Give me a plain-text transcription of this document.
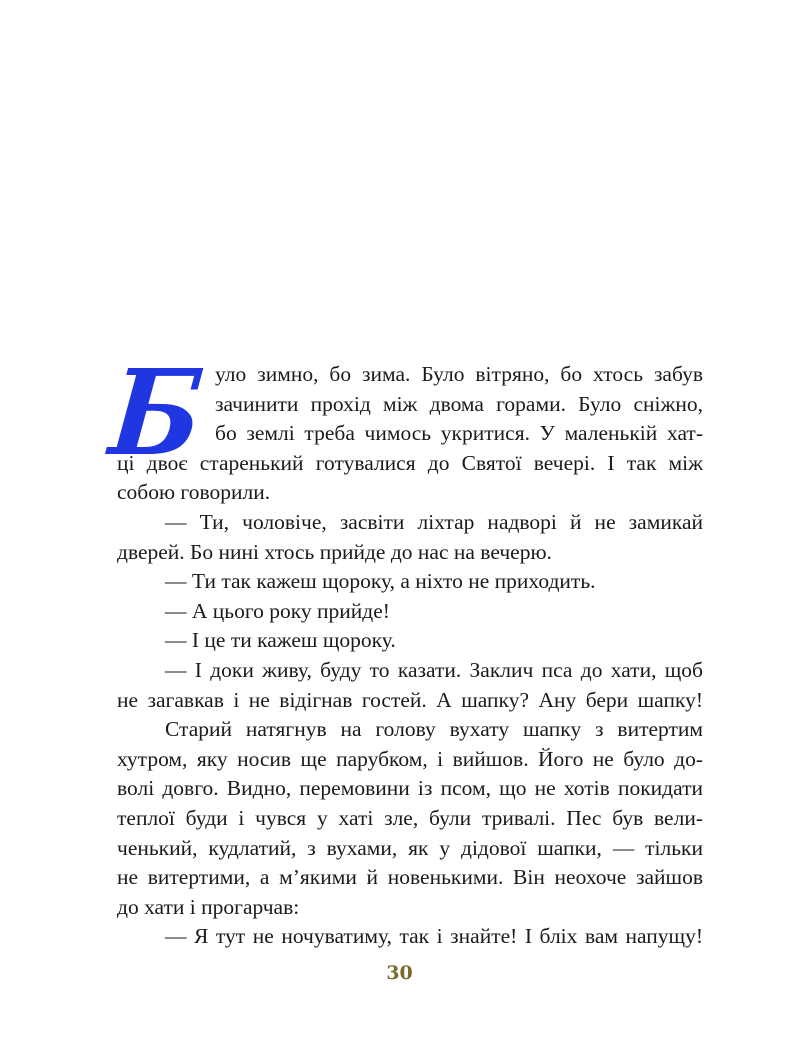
Б уло зимно, бо зима. Було вітряно, бо хтось забув
зачинити прохід між двома горами. Було сніжно,
бо землі треба чимось укритися. У маленькій хат-
ці двоє старенький готувалися до Святої вечері. І так між
собою говорили.
— Ти, чоловіче, засвіти ліхтар надворі й не замикай
дверей. Бо нині хтось прийде до нас на вечерю.
— Ти так кажеш щороку, а ніхто не приходить.
— А цього року прийде!
— І це ти кажеш щороку.
— І доки живу, буду то казати. Заклич пса до хати, щоб
не загавкав і не відігнав гостей. А шапку? Ану бери шапку!
Старий натягнув на голову вухату шапку з витертим
хутром, яку носив ще парубком, і вийшов. Його не було до-
волі довго. Видно, перемовини із псом, що не хотів покидати
теплої буди і чувся у хаті зле, були тривалі. Пес був вели-
ченький, кудлатий, з вухами, як у дідової шапки, — тільки
не витертими, а м’якими й новенькими. Він неохоче зайшов
до хати і прогарчав:
— Я тут не ночуватиму, так і знайте! І бліх вам напущу!
30
